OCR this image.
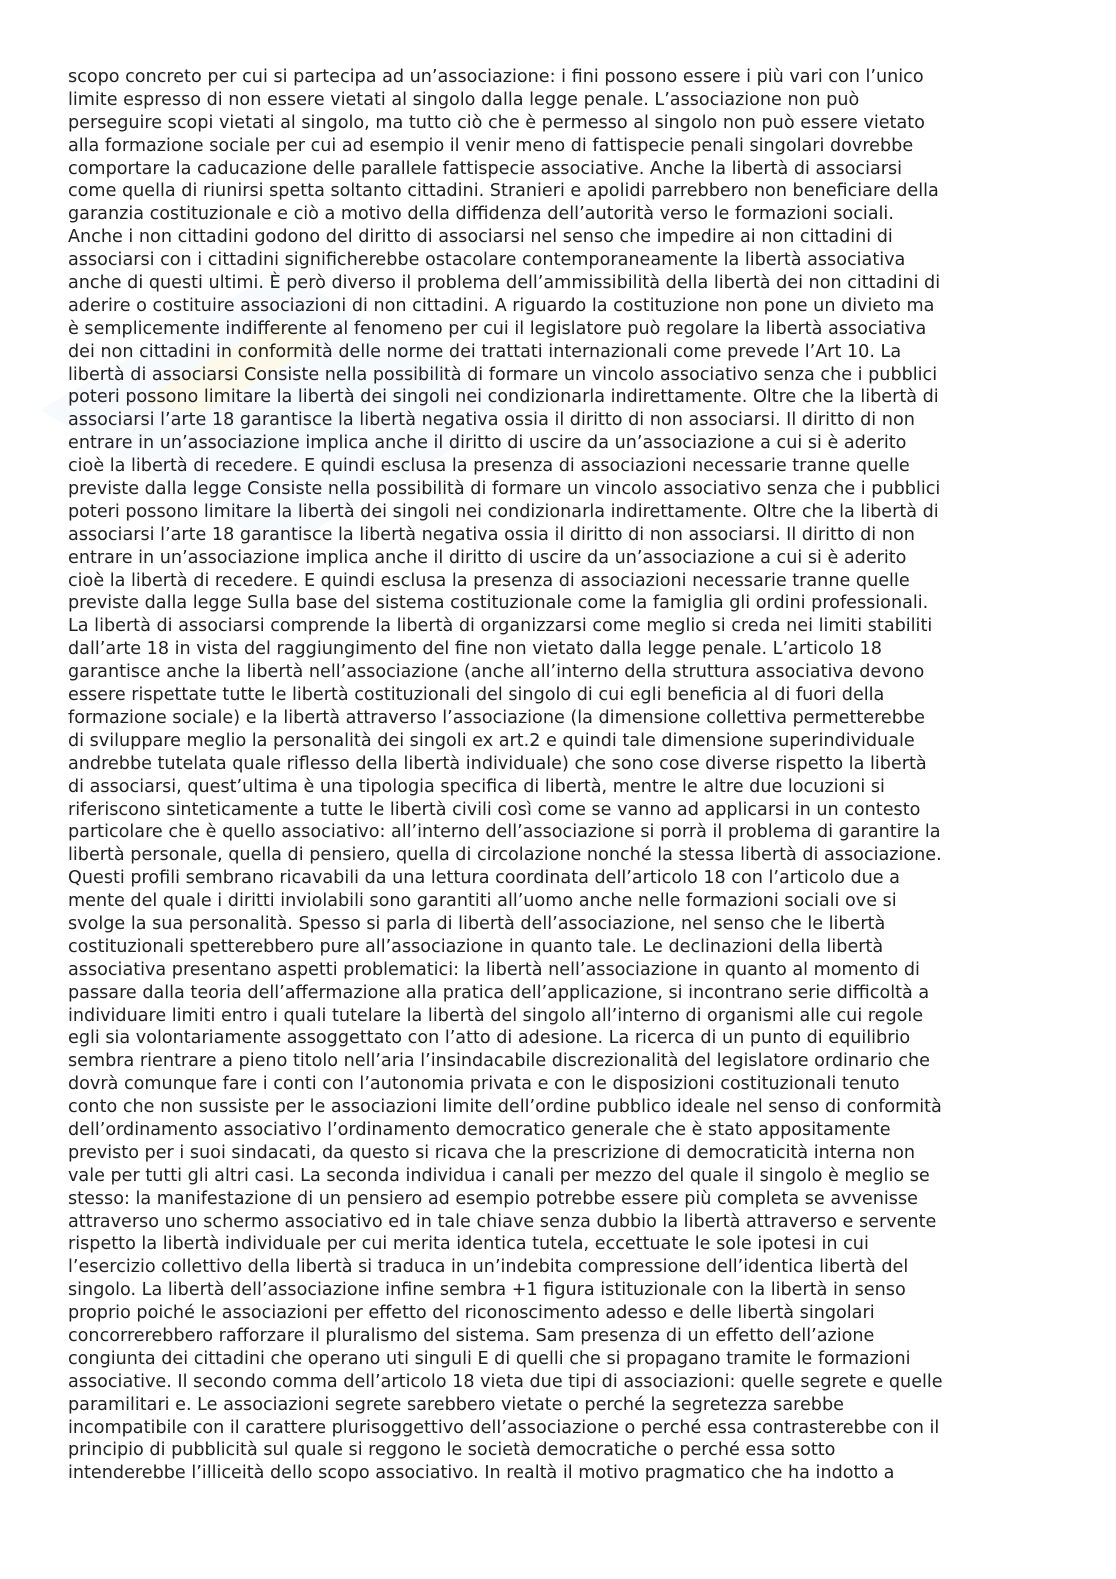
scopo concreto per cui si partecipa ad un’associazione: i fini possono essere i più vari con l’unico
limite espresso di non essere vietati al singolo dalla legge penale. L’associazione non può
perseguire scopi vietati al singolo, ma tutto ciò che è permesso al singolo non può essere vietato
alla formazione sociale per cui ad esempio il venir meno di fattispecie penali singolari dovrebbe
comportare la caducazione delle parallele fattispecie associative. Anche la libertà di associarsi
come quella di riunirsi spetta soltanto cittadini. Stranieri e apolidi parrebbero non beneficiare della
garanzia costituzionale e ciò a motivo della diffidenza dell’autorità verso le formazioni sociali.
Anche i non cittadini godono del diritto di associarsi nel senso che impedire ai non cittadini di
associarsi con i cittadini significherebbe ostacolare contemporaneamente la libertà associativa
anche di questi ultimi. È però diverso il problema dell’ammissibilità della libertà dei non cittadini di
aderire o costituire associazioni di non cittadini. A riguardo la costituzione non pone un divieto ma
è semplicemente indifferente al fenomeno per cui il legislatore può regolare la libertà associativa
dei non cittadini in conformità delle norme dei trattati internazionali come prevede l’Art 10. La
libertà di associarsi Consiste nella possibilità di formare un vincolo associativo senza che i pubblici
poteri possono limitare la libertà dei singoli nei condizionarla indirettamente. Oltre che la libertà di
associarsi l’arte 18 garantisce la libertà negativa ossia il diritto di non associarsi. Il diritto di non
entrare in un’associazione implica anche il diritto di uscire da un’associazione a cui si è aderito
cioè la libertà di recedere. E quindi esclusa la presenza di associazioni necessarie tranne quelle
previste dalla legge Consiste nella possibilità di formare un vincolo associativo senza che i pubblici
poteri possono limitare la libertà dei singoli nei condizionarla indirettamente. Oltre che la libertà di
associarsi l’arte 18 garantisce la libertà negativa ossia il diritto di non associarsi. Il diritto di non
entrare in un’associazione implica anche il diritto di uscire da un’associazione a cui si è aderito
cioè la libertà di recedere. E quindi esclusa la presenza di associazioni necessarie tranne quelle
previste dalla legge Sulla base del sistema costituzionale come la famiglia gli ordini professionali.
La libertà di associarsi comprende la libertà di organizzarsi come meglio si creda nei limiti stabiliti
dall’arte 18 in vista del raggiungimento del fine non vietato dalla legge penale. L’articolo 18
garantisce anche la libertà nell’associazione (anche all’interno della struttura associativa devono
essere rispettate tutte le libertà costituzionali del singolo di cui egli beneficia al di fuori della
formazione sociale) e la libertà attraverso l’associazione (la dimensione collettiva permetterebbe
di sviluppare meglio la personalità dei singoli ex art.2 e quindi tale dimensione superindividuale
andrebbe tutelata quale riflesso della libertà individuale) che sono cose diverse rispetto la libertà
di associarsi, quest’ultima è una tipologia specifica di libertà, mentre le altre due locuzioni si
riferiscono sinteticamente a tutte le libertà civili così come se vanno ad applicarsi in un contesto
particolare che è quello associativo: all’interno dell’associazione si porrà il problema di garantire la
libertà personale, quella di pensiero, quella di circolazione nonché la stessa libertà di associazione.
Questi profili sembrano ricavabili da una lettura coordinata dell’articolo 18 con l’articolo due a
mente del quale i diritti inviolabili sono garantiti all’uomo anche nelle formazioni sociali ove si
svolge la sua personalità. Spesso si parla di libertà dell’associazione, nel senso che le libertà
costituzionali spetterebbero pure all’associazione in quanto tale. Le declinazioni della libertà
associativa presentano aspetti problematici: la libertà nell’associazione in quanto al momento di
passare dalla teoria dell’affermazione alla pratica dell’applicazione, si incontrano serie difficoltà a
individuare limiti entro i quali tutelare la libertà del singolo all’interno di organismi alle cui regole
egli sia volontariamente assoggettato con l’atto di adesione. La ricerca di un punto di equilibrio
sembra rientrare a pieno titolo nell’aria l’insindacabile discrezionalità del legislatore ordinario che
dovrà comunque fare i conti con l’autonomia privata e con le disposizioni costituzionali tenuto
conto che non sussiste per le associazioni limite dell’ordine pubblico ideale nel senso di conformità
dell’ordinamento associativo l’ordinamento democratico generale che è stato appositamente
previsto per i suoi sindacati, da questo si ricava che la prescrizione di democraticità interna non
vale per tutti gli altri casi. La seconda individua i canali per mezzo del quale il singolo è meglio se
stesso: la manifestazione di un pensiero ad esempio potrebbe essere più completa se avvenisse
attraverso uno schermo associativo ed in tale chiave senza dubbio la libertà attraverso e servente
rispetto la libertà individuale per cui merita identica tutela, eccettuate le sole ipotesi in cui
l’esercizio collettivo della libertà si traduca in un’indebita compressione dell’identica libertà del
singolo. La libertà dell’associazione infine sembra +1 figura istituzionale con la libertà in senso
proprio poiché le associazioni per effetto del riconoscimento adesso e delle libertà singolari
concorrerebbero rafforzare il pluralismo del sistema. Sam presenza di un effetto dell’azione
congiunta dei cittadini che operano uti singuli E di quelli che si propagano tramite le formazioni
associative. Il secondo comma dell’articolo 18 vieta due tipi di associazioni: quelle segrete e quelle
paramilitari e. Le associazioni segrete sarebbero vietate o perché la segretezza sarebbe
incompatibile con il carattere plurisoggettivo dell’associazione o perché essa contrasterebbe con il
principio di pubblicità sul quale si reggono le società democratiche o perché essa sotto
intenderebbe l’illiceità dello scopo associativo. In realtà il motivo pragmatico che ha indotto a
